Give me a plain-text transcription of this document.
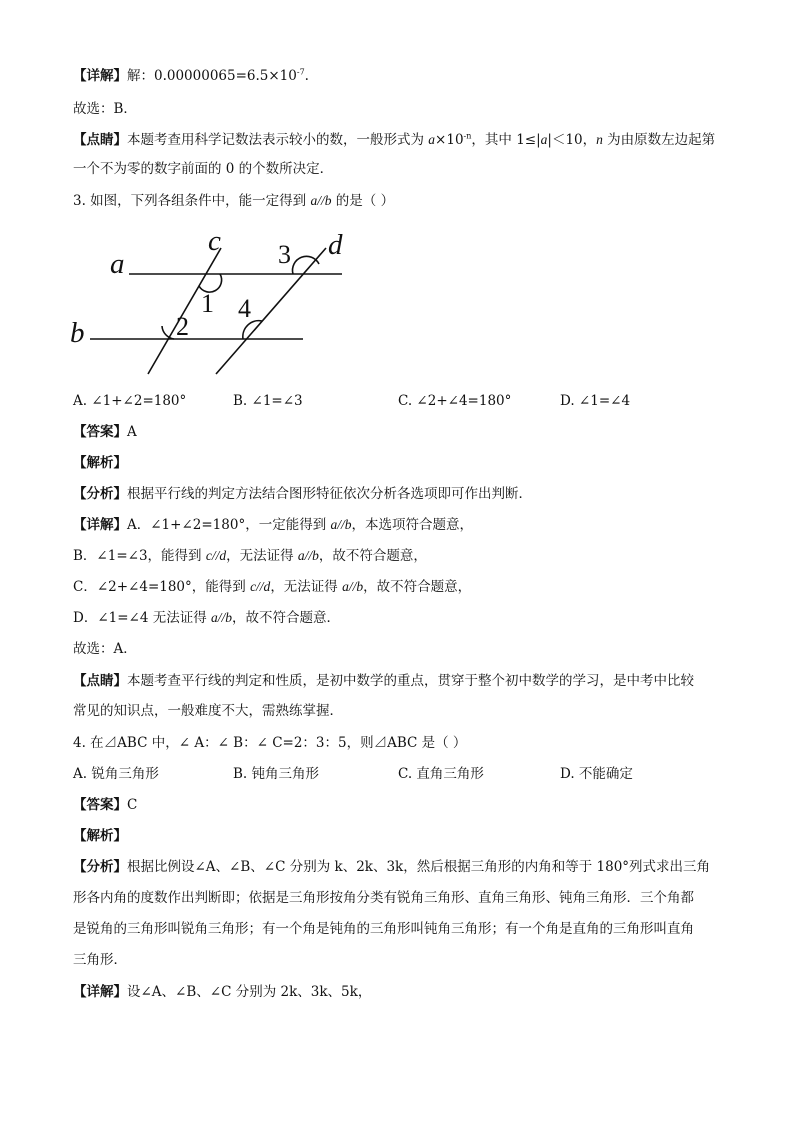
【详解】解：$0.00000065=6.5\times 10^{-7}$.
故选：B．
【点睛】本题考查用科学记数法表示较小的数，一般形式为 $a\times 10^{-n}$，其中 1≤|a|＜10，n 为由原数左边起第
一个不为零的数字前面的 0 的个数所决定．
3. 如图，下列各组条件中，能一定得到 a//b 的是（ ）
a
b
c	d
1
2
3
4
A. ∠1+∠2=180°	B. ∠1=∠3	C. ∠2+∠4=180°	D. ∠1=∠4
【答案】A
【解析】
【分析】根据平行线的判定方法结合图形特征依次分析各选项即可作出判断．
【详解】A．∠1+∠2=180°，一定能得到 a//b，本选项符合题意，
B．∠1=∠3，能得到 c//d，无法证得 a//b，故不符合题意，
C．∠2+∠4=180°，能得到 c//d，无法证得 a//b，故不符合题意，
D．∠1=∠4 无法证得 a//b，故不符合题意．
故选：A．
【点睛】本题考查平行线的判定和性质，是初中数学的重点，贯穿于整个初中数学的学习，是中考中比较
常见的知识点，一般难度不大，需熟练掌握．
4. 在⊿ABC 中，∠ A：∠ B：∠ C=2：3：5，则⊿ABC 是（ ）
A. 锐角三角形	B. 钝角三角形	C. 直角三角形	D. 不能确定
【答案】C
【解析】
【分析】根据比例设∠A、∠B、∠C 分别为 k、2k、3k，然后根据三角形的内角和等于 180°列式求出三角
形各内角的度数作出判断即；依据是三角形按角分类有锐角三角形、直角三角形、钝角三角形．三个角都
是锐角的三角形叫锐角三角形；有一个角是钝角的三角形叫钝角三角形；有一个角是直角的三角形叫直角
三角形．
【详解】设∠A、∠B、∠C 分别为 2k、3k、5k，
